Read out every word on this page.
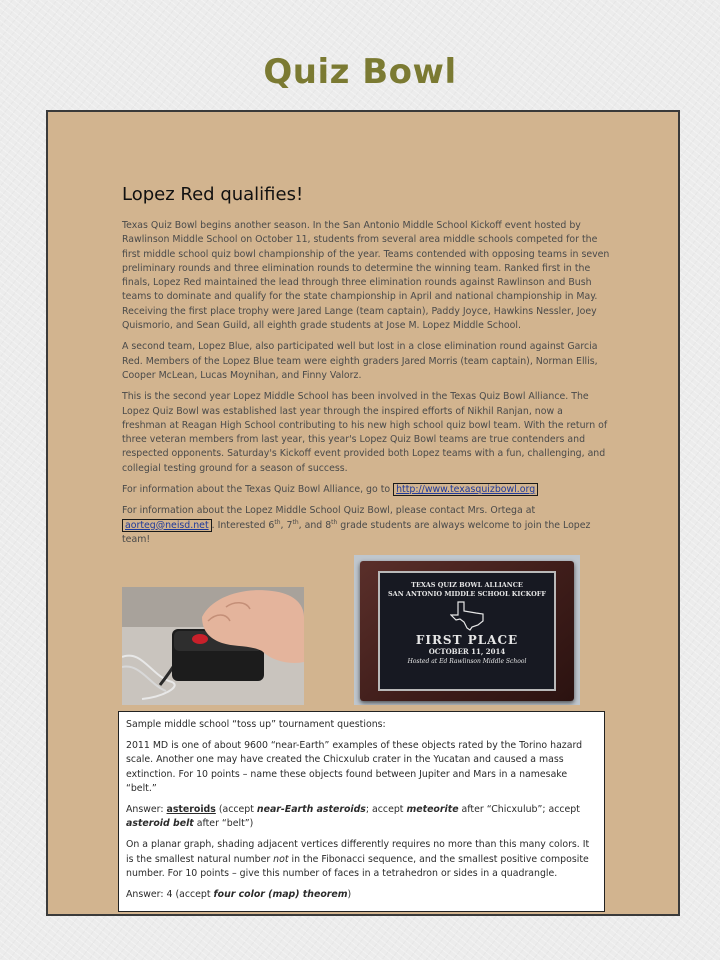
Quiz Bowl
Lopez Red qualifies!

Texas Quiz Bowl begins another season. In the San Antonio Middle School Kickoff event hosted by Rawlinson Middle School on October 11, students from several area middle schools competed for the first middle school quiz bowl championship of the year. Teams contended with opposing teams in seven preliminary rounds and three elimination rounds to determine the winning team. Ranked first in the finals, Lopez Red maintained the lead through three elimination rounds against Rawlinson and Bush teams to dominate and qualify for the state championship in April and national championship in May. Receiving the first place trophy were Jared Lange (team captain), Paddy Joyce, Hawkins Nessler, Joey Quismorio, and Sean Guild, all eighth grade students at Jose M. Lopez Middle School.

A second team, Lopez Blue, also participated well but lost in a close elimination round against Garcia Red. Members of the Lopez Blue team were eighth graders Jared Morris (team captain), Norman Ellis, Cooper McLean, Lucas Moynihan, and Finny Valorz.

This is the second year Lopez Middle School has been involved in the Texas Quiz Bowl Alliance. The Lopez Quiz Bowl was established last year through the inspired efforts of Nikhil Ranjan, now a freshman at Reagan High School contributing to his new high school quiz bowl team. With the return of three veteran members from last year, this year's Lopez Quiz Bowl teams are true contenders and respected opponents. Saturday's Kickoff event provided both Lopez teams with a fun, challenging, and collegial testing ground for a season of success.

For information about the Texas Quiz Bowl Alliance, go to http://www.texasquizbowl.org

For information about the Lopez Middle School Quiz Bowl, please contact Mrs. Ortega at aorteg@neisd.net . Interested 6th, 7th, and 8th grade students are always welcome to join the Lopez team!

TEXAS QUIZ BOWL ALLIANCE
SAN ANTONIO MIDDLE SCHOOL KICKOFF
FIRST PLACE
OCTOBER 11, 2014
Hosted at Ed Rawlinson Middle School

Sample middle school “toss up” tournament questions:

2011 MD is one of about 9600 “near-Earth” examples of these objects rated by the Torino hazard scale. Another one may have created the Chicxulub crater in the Yucatan and caused a mass extinction. For 10 points – name these objects found between Jupiter and Mars in a namesake “belt.”

Answer: asteroids (accept near-Earth asteroids; accept meteorite after “Chicxulub”; accept asteroid belt after “belt”)

On a planar graph, shading adjacent vertices differently requires no more than this many colors. It is the smallest natural number not in the Fibonacci sequence, and the smallest positive composite number. For 10 points – give this number of faces in a tetrahedron or sides in a quadrangle.

Answer: 4 (accept four color (map) theorem)
